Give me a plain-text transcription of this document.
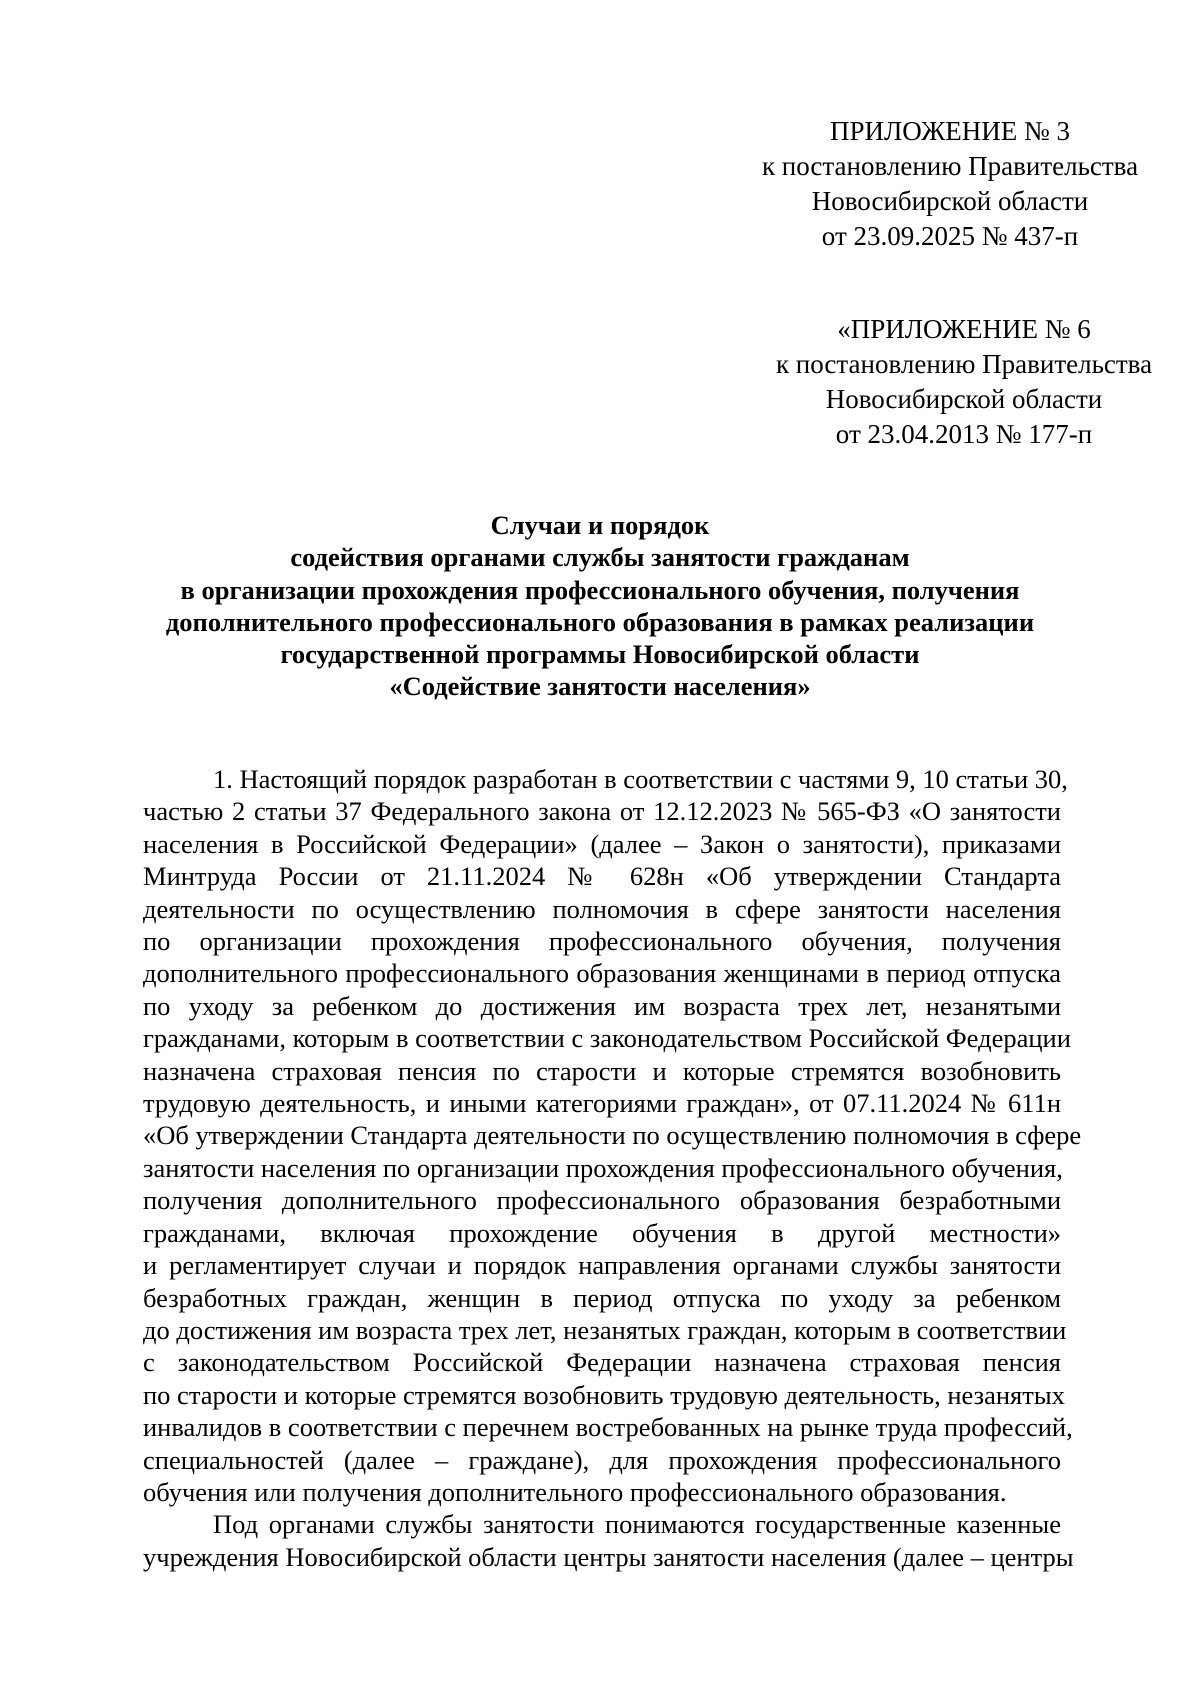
ПРИЛОЖЕНИЕ № 3
к постановлению Правительства
Новосибирской области
от 23.09.2025 № 437-п
«ПРИЛОЖЕНИЕ № 6
к постановлению Правительства
Новосибирской области
от 23.04.2013 № 177-п
Случаи и порядок
содействия органами службы занятости гражданам
в организации прохождения профессионального обучения, получения
дополнительного профессионального образования в рамках реализации
государственной программы Новосибирской области
«Содействие занятости населения»
1. Настоящий порядок разработан в соответствии с частями 9, 10 статьи 30,
частью 2 статьи 37 Федерального закона от 12.12.2023 № 565-ФЗ «О занятости
населения в Российской Федерации» (далее – Закон о занятости), приказами
Минтруда России от 21.11.2024 № 628н «Об утверждении Стандарта
деятельности по осуществлению полномочия в сфере занятости населения
по организации прохождения профессионального обучения, получения
дополнительного профессионального образования женщинами в период отпуска
по уходу за ребенком до достижения им возраста трех лет, незанятыми
гражданами, которым в соответствии с законодательством Российской Федерации
назначена страховая пенсия по старости и которые стремятся возобновить
трудовую деятельность, и иными категориями граждан», от 07.11.2024 № 611н
«Об утверждении Стандарта деятельности по осуществлению полномочия в сфере
занятости населения по организации прохождения профессионального обучения,
получения дополнительного профессионального образования безработными
гражданами, включая прохождение обучения в другой местности»
и регламентирует случаи и порядок направления органами службы занятости
безработных граждан, женщин в период отпуска по уходу за ребенком
до достижения им возраста трех лет, незанятых граждан, которым в соответствии
с законодательством Российской Федерации назначена страховая пенсия
по старости и которые стремятся возобновить трудовую деятельность, незанятых
инвалидов в соответствии с перечнем востребованных на рынке труда профессий,
специальностей (далее – граждане), для прохождения профессионального
обучения или получения дополнительного профессионального образования.
Под органами службы занятости понимаются государственные казенные
учреждения Новосибирской области центры занятости населения (далее – центры
